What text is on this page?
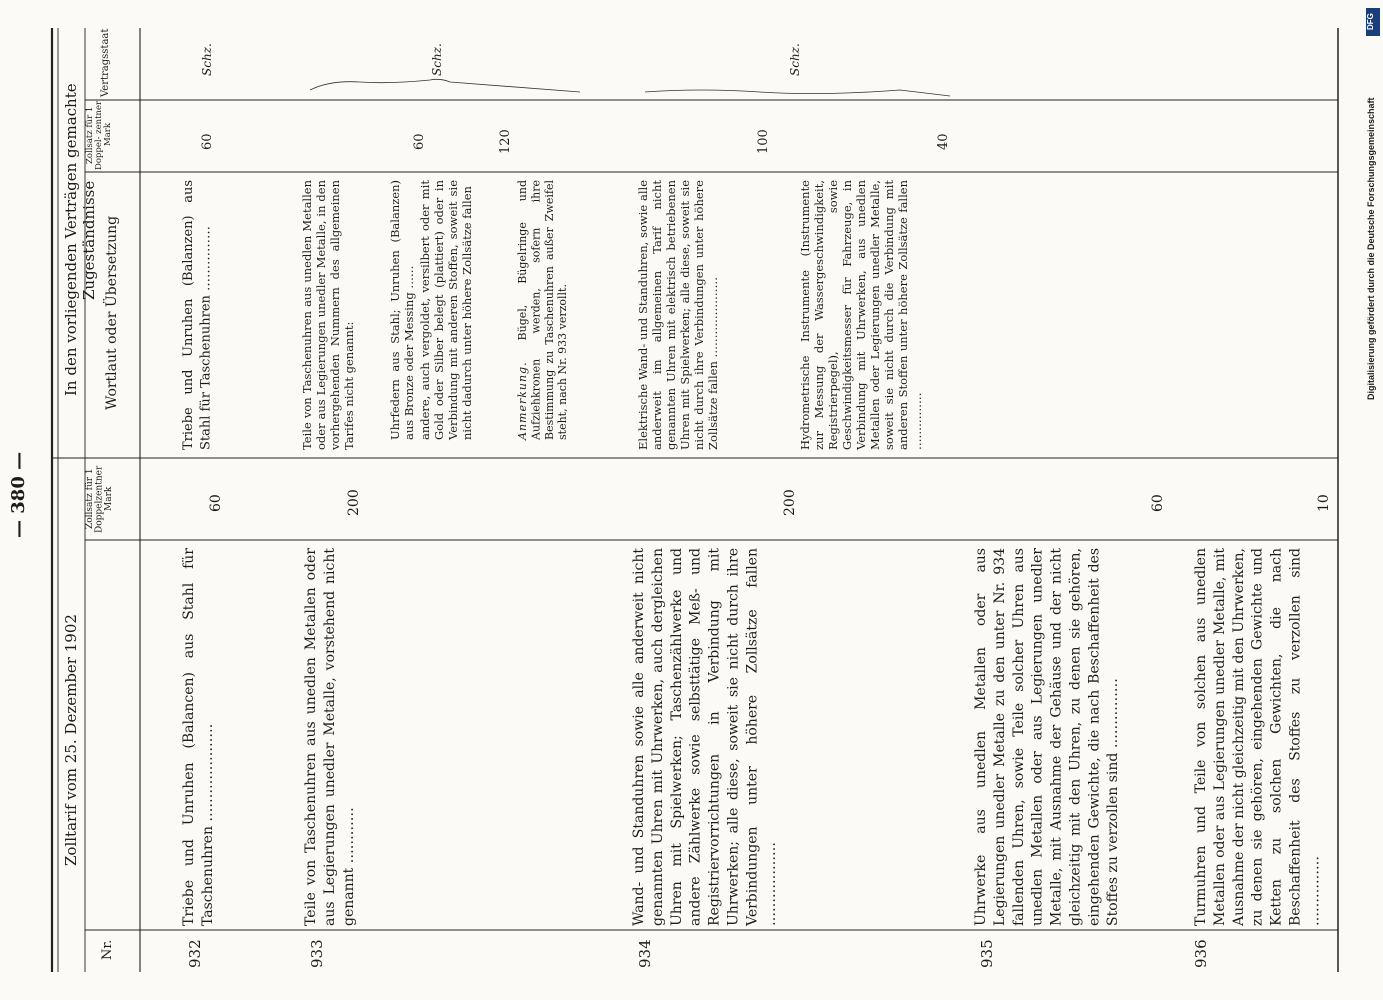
— 380 —
Zolltarif vom 25. Dezember 1902
In den vorliegenden Verträgen gemachte Zugeständnisse
Nr.
Zollsatz für 1 Doppelzentner Mark
Wortlaut oder Übersetzung
Zollsatz für 1 Doppel- zentner Mark
Vertragsstaat
932
Triebe und Unruhen (Balancen) aus Stahl für Taschenuhren …………………
60
933
Teile von Taschenuhren aus unedlen Metallen oder aus Legierungen unedler Metalle, vorstehend nicht genannt …………
200
934
Wand- und Standuhren sowie alle anderweit nicht genannten Uhren mit Uhrwerken, auch dergleichen Uhren mit Spielwerken; Taschenzählwerke und andere Zählwerke sowie selbsttätige Meß- und Registriervorrichtungen in Verbindung mit Uhrwerken; alle diese, soweit sie nicht durch ihre Verbindungen unter höhere Zollsätze fallen ………………
200
935
Uhrwerke aus unedlen Metallen oder aus Legierungen unedler Metalle zu den unter Nr. 934 fallenden Uhren, sowie Teile solcher Uhren aus unedlen Metallen oder aus Legierungen unedler Metalle, mit Ausnahme der Gehäuse und der nicht gleichzeitig mit den Uhren, zu denen sie gehören, eingehenden Gewichte, die nach Beschaffenheit des Stoffes zu verzollen sind ……………
60
936
Turmuhren und Teile von solchen aus unedlen Metallen oder aus Legierungen unedler Metalle, mit Ausnahme der nicht gleichzeitig mit den Uhrwerken, zu denen sie gehören, eingehenden Gewichte und Ketten zu solchen Gewichten, die nach Beschaffenheit des Stoffes zu verzollen sind ……………
10
Triebe und Unruhen (Balanzen) aus Stahl für Taschenuhren ……………
60
Schz.
Teile von Taschenuhren aus unedlen Metallen oder aus Legierungen unedler Metalle, in den vorhergehenden Nummern des allgemeinen Tarifes nicht genannt:
Schz.
Uhrfedern aus Stahl; Unruhen (Balanzen) aus Bronze oder Messing ……
60
andere, auch vergoldet, versilbert oder mit Gold oder Silber belegt (plattiert) oder in Verbindung mit anderen Stoffen, soweit sie nicht dadurch unter höhere Zollsätze fallen
120
Anmerkung. Bügel, Bügelringe und Aufziehkronen werden, sofern ihre Bestimmung zu Taschenuhren außer Zweifel steht, nach Nr. 933 verzollt.	Elektrische Wand- und Standuhren, sowie alle anderweit im allgemeinen Tarif nicht genannten Uhren mit elektrisch betriebenen Uhren mit Spielwerken; alle diese, soweit sie nicht durch ihre Verbindungen unter höhere Zollsätze fallen …………………
100
Schz.
Hydrometrische Instrumente (Instrumente zur Messung der Wassergeschwindigkeit, Registrierpegel), sowie Geschwindigkeitsmesser für Fahrzeuge, in Verbindung mit Uhrwerken, aus unedlen Metallen oder Legierungen unedler Metalle, soweit sie nicht durch die Verbindung mit anderen Stoffen unter höhere Zollsätze fallen ……………
40
DFG
Digitalisierung gefördert durch die Deutsche Forschungsgemeinschaft
